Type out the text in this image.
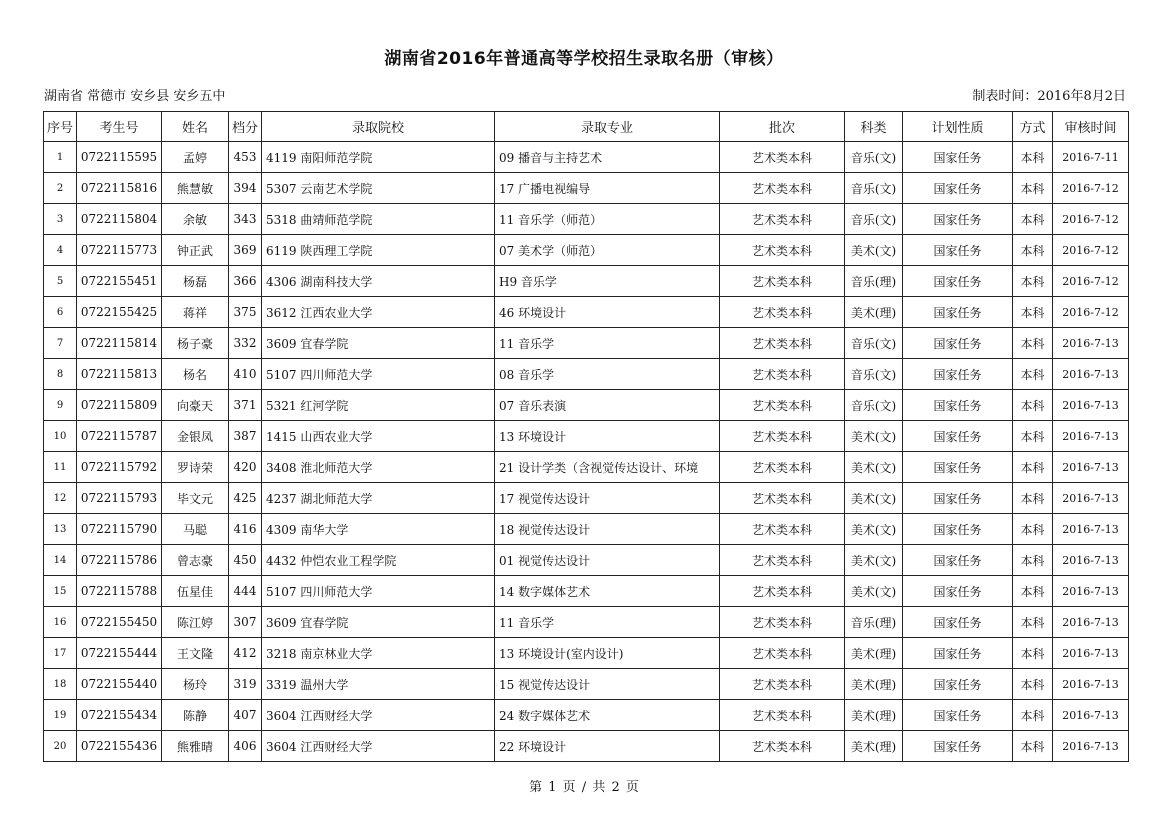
湖南省2016年普通高等学校招生录取名册（审核）
湖南省 常德市 安乡县 安乡五中	制表时间：2016年8月2日
序号	考生号	姓名	档分	录取院校	录取专业	批次	科类	计划性质	方式	审核时间
1	0722115595	孟婷	453	4119 南阳师范学院	09 播音与主持艺术	艺术类本科	音乐(文)	国家任务	本科	2016-7-11
2	0722115816	熊慧敏	394	5307 云南艺术学院	17 广播电视编导	艺术类本科	音乐(文)	国家任务	本科	2016-7-12
3	0722115804	余敏	343	5318 曲靖师范学院	11 音乐学（师范）	艺术类本科	音乐(文)	国家任务	本科	2016-7-12
4	0722115773	钟正武	369	6119 陕西理工学院	07 美术学（师范）	艺术类本科	美术(文)	国家任务	本科	2016-7-12
5	0722155451	杨磊	366	4306 湖南科技大学	H9 音乐学	艺术类本科	音乐(理)	国家任务	本科	2016-7-12
6	0722155425	蒋祥	375	3612 江西农业大学	46 环境设计	艺术类本科	美术(理)	国家任务	本科	2016-7-12
7	0722115814	杨子豪	332	3609 宜春学院	11 音乐学	艺术类本科	音乐(文)	国家任务	本科	2016-7-13
8	0722115813	杨名	410	5107 四川师范大学	08 音乐学	艺术类本科	音乐(文)	国家任务	本科	2016-7-13
9	0722115809	向豪天	371	5321 红河学院	07 音乐表演	艺术类本科	音乐(文)	国家任务	本科	2016-7-13
10	0722115787	金银凤	387	1415 山西农业大学	13 环境设计	艺术类本科	美术(文)	国家任务	本科	2016-7-13
11	0722115792	罗诗荣	420	3408 淮北师范大学	21 设计学类（含视觉传达设计、环境	艺术类本科	美术(文)	国家任务	本科	2016-7-13
12	0722115793	毕文元	425	4237 湖北师范大学	17 视觉传达设计	艺术类本科	美术(文)	国家任务	本科	2016-7-13
13	0722115790	马聪	416	4309 南华大学	18 视觉传达设计	艺术类本科	美术(文)	国家任务	本科	2016-7-13
14	0722115786	曾志豪	450	4432 仲恺农业工程学院	01 视觉传达设计	艺术类本科	美术(文)	国家任务	本科	2016-7-13
15	0722115788	伍星佳	444	5107 四川师范大学	14 数字媒体艺术	艺术类本科	美术(文)	国家任务	本科	2016-7-13
16	0722155450	陈江婷	307	3609 宜春学院	11 音乐学	艺术类本科	音乐(理)	国家任务	本科	2016-7-13
17	0722155444	王文隆	412	3218 南京林业大学	13 环境设计(室内设计)	艺术类本科	美术(理)	国家任务	本科	2016-7-13
18	0722155440	杨玲	319	3319 温州大学	15 视觉传达设计	艺术类本科	美术(理)	国家任务	本科	2016-7-13
19	0722155434	陈静	407	3604 江西财经大学	24 数字媒体艺术	艺术类本科	美术(理)	国家任务	本科	2016-7-13
20	0722155436	熊雅晴	406	3604 江西财经大学	22 环境设计	艺术类本科	美术(理)	国家任务	本科	2016-7-13
第 1 页 / 共 2 页
